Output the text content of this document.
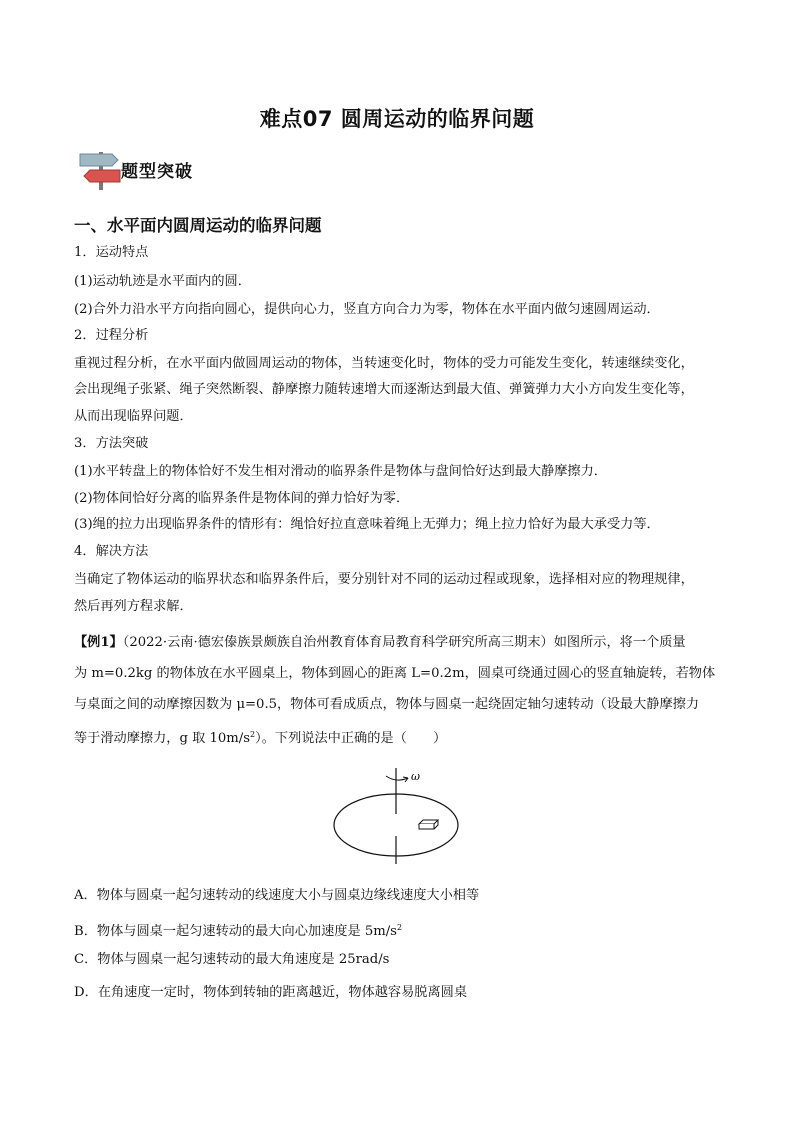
难点07 圆周运动的临界问题
题型突破
一、水平面内圆周运动的临界问题
1．运动特点
(1)运动轨迹是水平面内的圆．
(2)合外力沿水平方向指向圆心，提供向心力，竖直方向合力为零，物体在水平面内做匀速圆周运动．
2．过程分析
重视过程分析，在水平面内做圆周运动的物体，当转速变化时，物体的受力可能发生变化，转速继续变化，
会出现绳子张紧、绳子突然断裂、静摩擦力随转速增大而逐渐达到最大值、弹簧弹力大小方向发生变化等，
从而出现临界问题．
3．方法突破
(1)水平转盘上的物体恰好不发生相对滑动的临界条件是物体与盘间恰好达到最大静摩擦力．
(2)物体间恰好分离的临界条件是物体间的弹力恰好为零．
(3)绳的拉力出现临界条件的情形有：绳恰好拉直意味着绳上无弹力；绳上拉力恰好为最大承受力等．
4．解决方法
当确定了物体运动的临界状态和临界条件后，要分别针对不同的运动过程或现象，选择相对应的物理规律，
然后再列方程求解．
【例1】（2022·云南·德宏傣族景颇族自治州教育体育局教育科学研究所高三期末）如图所示，将一个质量
为 m=0.2kg 的物体放在水平圆桌上，物体到圆心的距离 L=0.2m，圆桌可绕通过圆心的竖直轴旋转，若物体
与桌面之间的动摩擦因数为 μ=0.5，物体可看成质点，物体与圆桌一起绕固定轴匀速转动（设最大静摩擦力
等于滑动摩擦力，g 取 $10m/s^2$）。下列说法中正确的是（　　）
ω
A．物体与圆桌一起匀速转动的线速度大小与圆桌边缘线速度大小相等
B．物体与圆桌一起匀速转动的最大向心加速度是 $5m/s^2$
C．物体与圆桌一起匀速转动的最大角速度是 25rad/s
D．在角速度一定时，物体到转轴的距离越近，物体越容易脱离圆桌
